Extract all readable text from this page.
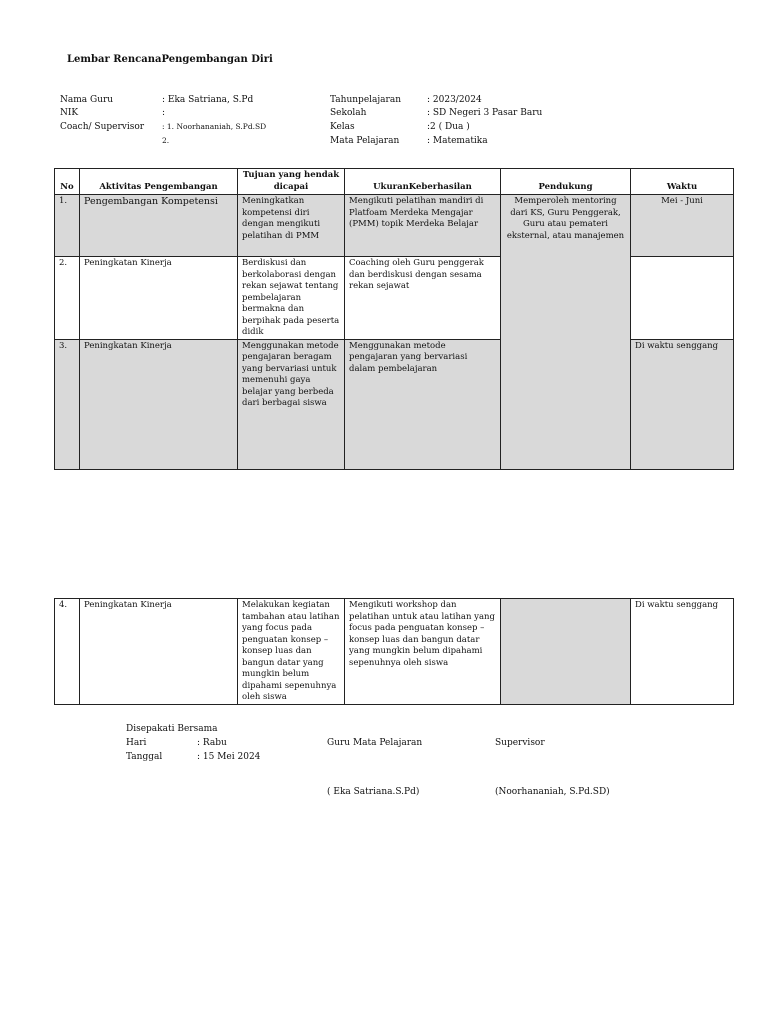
Lembar RencanaPengembangan Diri
Nama Guru	: Eka Satriana, S.Pd
NIK	:
Coach/ Supervisor : 1. Noorhananiah, S.Pd.SD
2.
Tahunpelajaran	: 2023/2024
Sekolah	: SD Negeri 3 Pasar Baru
Kelas	:2 ( Dua )
Mata Pelajaran	: Matematika
No	Aktivitas Pengembangan	Tujuan yang hendak dicapai	UkuranKeberhasilan	Pendukung	Waktu
1.	Pengembangan Kompetensi	Meningkatkan kompetensi diri dengan mengikuti pelatihan di PMM	Mengikuti pelatihan mandiri di Platfoam Merdeka Mengajar (PMM) topik Merdeka Belajar	Memperoleh mentoring dari KS, Guru Penggerak, Guru atau pemateri eksternal, atau manajemen	Mei - Juni
2.	Peningkatan Kinerja	Berdiskusi dan berkolaborasi dengan rekan sejawat tentang pembelajaran bermakna dan berpihak pada peserta didik	Coaching oleh Guru penggerak dan berdiskusi dengan sesama rekan sejawat		
3.	Peningkatan Kinerja	Menggunakan metode pengajaran beragam yang bervariasi untuk memenuhi gaya belajar yang berbeda dari berbagai siswa	Menggunakan metode pengajaran yang bervariasi dalam pembelajaran		Di waktu senggang
4.	Peningkatan Kinerja	Melakukan kegiatan tambahan atau latihan yang focus pada penguatan konsep – konsep luas dan bangun datar yang mungkin belum dipahami sepenuhnya oleh siswa	Mengikuti workshop dan pelatihan untuk atau latihan yang focus pada penguatan konsep – konsep luas dan bangun datar yang mungkin belum dipahami sepenuhnya oleh siswa		Di waktu senggang
Disepakati Bersama
Hari	: Rabu
Tanggal	: 15 Mei 2024
Guru Mata Pelajaran	Supervisor
( Eka Satriana.S.Pd)	(Noorhananiah, S.Pd.SD)
